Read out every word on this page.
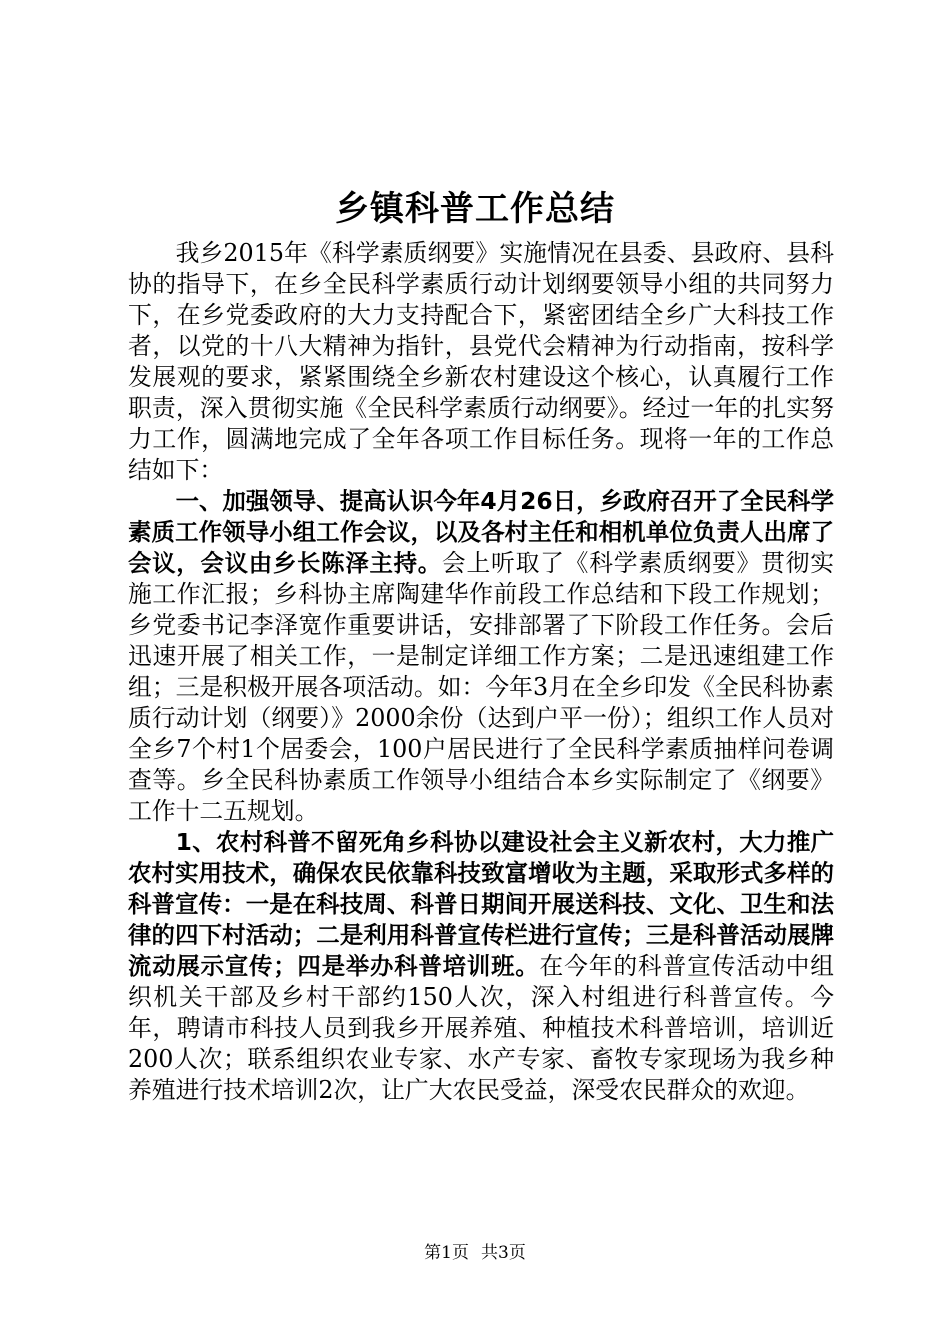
乡镇科普工作总结

我乡2015年《科学素质纲要》实施情况在县委、县政府、县科协的指导下，在乡全民科学素质行动计划纲要领导小组的共同努力下，在乡党委政府的大力支持配合下，紧密团结全乡广大科技工作者，以党的十八大精神为指针，县党代会精神为行动指南，按科学发展观的要求，紧紧围绕全乡新农村建设这个核心，认真履行工作职责，深入贯彻实施《全民科学素质行动纲要》。经过一年的扎实努力工作，圆满地完成了全年各项工作目标任务。现将一年的工作总结如下：

一、加强领导、提高认识今年4月26日，乡政府召开了全民科学素质工作领导小组工作会议，以及各村主任和相机单位负责人出席了会议，会议由乡长陈泽主持。会上听取了《科学素质纲要》贯彻实施工作汇报；乡科协主席陶建华作前段工作总结和下段工作规划；乡党委书记李泽宽作重要讲话，安排部署了下阶段工作任务。会后迅速开展了相关工作，一是制定详细工作方案；二是迅速组建工作组；三是积极开展各项活动。如：今年3月在全乡印发《全民科协素质行动计划（纲要）》2000余份（达到户平一份）；组织工作人员对全乡7个村1个居委会，100户居民进行了全民科学素质抽样问卷调查等。乡全民科协素质工作领导小组结合本乡实际制定了《纲要》工作十二五规划。

1、农村科普不留死角乡科协以建设社会主义新农村，大力推广农村实用技术，确保农民依靠科技致富增收为主题，采取形式多样的科普宣传：一是在科技周、科普日期间开展送科技、文化、卫生和法律的四下村活动；二是利用科普宣传栏进行宣传；三是科普活动展牌流动展示宣传；四是举办科普培训班。在今年的科普宣传活动中组织机关干部及乡村干部约150人次，深入村组进行科普宣传。今年，聘请市科技人员到我乡开展养殖、种植技术科普培训，培训近200人次；联系组织农业专家、水产专家、畜牧专家现场为我乡种养殖进行技术培训2次，让广大农民受益，深受农民群众的欢迎。

第1页 共3页
